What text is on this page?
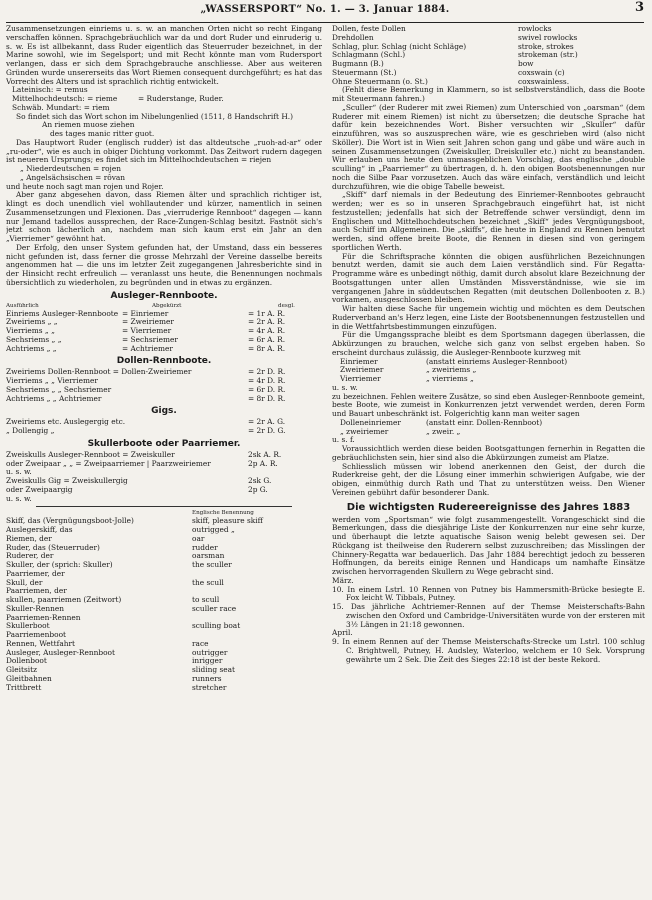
„WASSERSPORT“ No. 1. — 3. Januar 1884.	3

Zusammensetzungen einriems u. s. w. an manchen Orten nicht so recht Eingang verschaffen können. Sprachgebräuchlich war da und dort Ruder und einruderig u. s. w. Es ist allbekannt, dass Ruder eigentlich das Steuerruder bezeichnet, in der Marine sowohl, wie im Segelsport; und mit Recht könnte man vom Rudersport verlangen, dass er sich dem Sprachgebrauche anschliesse. Aber aus weiteren Gründen wurde unsererseits das Wort Riemen consequent durchgeführt; es hat das Vorrecht des Alters und ist sprachlich richtig entwickelt.

Lateinisch: = remus
Mittelhochdeutsch: = rieme	= Ruderstange, Ruder.
Schwäb. Mundart: = riem

So findet sich das Wort schon im Nibelungenlied (1511, 8 Handschrift H.)

An riemen muose ziehen

des tages manic ritter guot.

Das Hauptwort Ruder (englisch rudder) ist das altdeutsche „ruoh-ad-ar“ oder „ru-oder“, wie es auch in obiger Dichtung vorkommt. Das Zeitwort rudern dagegen ist neueren Ursprungs; es findet sich im Mittelhochdeutschen = riejen

„ Niederdeutschen = rojen

„ Angelsächsischen = rôvan

und heute noch sagt man rojen und Rojer.

Aber ganz abgesehen davon, dass Riemen älter und sprachlich richtiger ist, klingt es doch unendlich viel wohllautender und kürzer, namentlich in seinen Zusammensetzungen und Flexionen. Das „vierruderige Rennboot“ dagegen — kann nur Jemand tadellos aussprechen, der Race-Zungen-Schlag besitzt. Fastnöt sich's jetzt schon lächerlich an, nachdem man sich kaum erst ein Jahr an den „Vierriemer“ gewöhnt hat.

Der Erfolg, den unser System gefunden hat, der Umstand, dass ein besseres nicht gefunden ist, dass ferner die grosse Mehrzahl der Vereine dasselbe bereits angenommen hat — die uns im letzter Zeit zugegangenen Jahresberichte sind in der Hinsicht recht erfreulich — veranlasst uns heute, die Benennungen nochmals übersichtlich zu wiederholen, zu begründen und in etwas zu ergänzen.

Ausleger-Rennboote.
Ausführlich	Abgekürzt	desgl.
Einriems Ausleger-Rennboote = Einriemer	= 1r A. R.
Zweiriems „ „	= Zweiriemer	= 2r A. R.
Vierriems „ „	= Vierriemer	= 4r A. R.
Sechsriems „ „	= Sechsriemer	= 6r A. R.
Achtriems „ „	= Achtriemer	= 8r A. R.
Dollen-Rennboote.
Zweiriems Dollen-Rennboot = Dollen-Zweiriemer	= 2r D. R.
Vierriems „ „ Vierriemer	= 4r D. R.
Sechsriems „ „ Sechsriemer	= 6r D. R.
Achtriems „ „ Achtriemer	= 8r D. R.
Gigs.
Zweiriems etc. Auslegergig etc.	= 2r A. G.
„ Dollengig „	= 2r D. G.
Skullerboote oder Paarriemer.
Zweiskulls Ausleger-Rennboot = Zweiskuller	2sk A. R.
oder Zweipaar „ „ = Zweipaarriemer | Paarzweiriemer	2p A. R.
u. s. w.
Zweiskulls Gig = Zweiskullergig	2sk G.
oder Zweipaargig	2p G.
u. s. w.
Englische Benennung
Skiff, das (Vergnügungsboot-Jolle)	skiff, pleasure skiff
Auslegerskiff, das	outrigged „
Riemen, der	oar
Ruder, das (Steuerruder)	rudder
Ruderer, der	oarsman
Skuller, der (sprich: Skuller)	the sculler
Paarriemer, der
Skull, der	the scull
Paarriemen, der
skullen, paarriemen (Zeitwort)	to scull
Skuller-Rennen	sculler race
Paarriemen-Rennen
Skullerboot	sculling boat
Paarriemenboot
Rennen, Wettfahrt	race
Ausleger, Ausleger-Rennboot	outrigger
Dollenboot	inrigger
Gleitsitz	sliding seat
Gleitbahnen	runners
Trittbrett	stretcher
Dollen, feste Dollen	rowlocks
Drehdollen	swivel rowlocks
Schlag, plur. Schlag (nicht Schläge)	stroke, strokes
Schlagmann (Schl.)	strokeman (str.)
Bugmann (B.)	bow
Steuermann (St.)	coxswain (c)
Ohne Steuermann (o. St.)	coxswainless.

(Fehlt diese Bemerkung in Klammern, so ist selbstverständlich, dass die Boote mit Steuermann fahren.)

„Sculler“ (der Ruderer mit zwei Riemen) zum Unterschied von „oarsman“ (dem Ruderer mit einem Riemen) ist nicht zu übersetzen; die deutsche Sprache hat dafür kein bezeichnendes Wort. Bisher versuchten wir „Skuller“ dafür einzuführen, was so auszusprechen wäre, wie es geschrieben wird (also nicht Sköller). Die Wort ist in Wien seit Jahren schon gang und gäbe und wäre auch in seinen Zusammensetzungen (Zweiskuller, Dreiskuller etc.) nicht zu beanstanden. Wir erlauben uns heute den unmassgeblichen Vorschlag, das englische „double sculling“ in „Paarriemer“ zu übertragen, d. h. den obigen Bootsbenennungen nur noch die Silbe Paar vorzusetzen. Auch das wäre einfach, verständlich und leicht durchzuführen, wie die obige Tabelle beweist.

„Skiff“ darf niemals in der Bedeutung des Einriemer-Rennbootes gebraucht werden; wer es so in unseren Sprachgebrauch eingeführt hat, ist nicht festzustellen; jedenfalls hat sich der Betreffende schwer versündigt, denn im Englischen und Mittelhochdeutschen bezeichnet „Skiff“ jedes Vergnügungsboot, auch Schiff im Allgemeinen. Die „skiffs“, die heute in England zu Rennen benutzt werden, sind offene breite Boote, die Rennen in diesen sind von geringem sportlichen Werth.

Für die Schriftsprache könnten die obigen ausführlichen Bezeichnungen benutzt werden, damit sie auch dem Laien verständlich sind. Für Regatta-Programme wäre es unbedingt nöthig, damit durch absolut klare Bezeichnung der Bootsgattungen unter allen Umständen Missverständnisse, wie sie im vergangenen Jahre in süddeutschen Regatten (mit deutschen Dollenbooten z. B.) vorkamen, ausgeschlossen bleiben.

Wir halten diese Sache für ungemein wichtig und möchten es dem Deutschen Ruderverband an's Herz legen, eine Liste der Bootsbenennungen festzustellen und in die Wettfahrtsbestimmungen einzufügen.

Für die Umgangssprache bleibt es dem Sportsmann dagegen überlassen, die Abkürzungen zu brauchen, welche sich ganz von selbst ergeben haben. So erscheint durchaus zulässig, die Ausleger-Rennboote kurzweg mit

Einriemer	(anstatt einriems Ausleger-Rennboot)
Zweiriemer	„ zweiriems „
Vierriemer	„ vierriems „

u. s. w.

zu bezeichnen. Fehlen weitere Zusätze, so sind eben Ausleger-Rennboote gemeint, beste Boote, wie zumeist in Konkurrenzen jetzt verwendet werden, deren Form und Bauart unbeschränkt ist. Folgerichtig kann man weiter sagen

Dolleneinriemer	(anstatt einr. Dollen-Rennboot)
„ zweiriemer	„ zweir. „

u. s. f.

Voraussichtlich werden diese beiden Bootsgattungen fernerhin in Regatten die gebräuchlichsten sein, hier sind also die Abkürzungen zumeist am Platze.

Schliesslich müssen wir lobend anerkennen den Geist, der durch die Ruderkreise geht, der die Lösung einer immerhin schwierigen Aufgabe, wie der obigen, einmüthig durch Rath und That zu unterstützen weiss. Den Wiener Vereinen gebührt dafür besonderer Dank.

Die wichtigsten Rudereereignisse des Jahres 1883

werden vom „Sportsman“ wie folgt zusammengestellt. Vorangeschickt sind die Bemerkungen, dass die diesjährige Liste der Konkurrenzen nur eine sehr kurze, und überhaupt die letzte aquatische Saison wenig belebt gewesen sei. Der Rückgang ist theilweise den Ruderern selbst zuzuschreiben; das Misslingen der Chinnery-Regatta war bedauerlich. Das Jahr 1884 berechtigt jedoch zu besseren Hoffnungen, da bereits einige Rennen und Handicaps um namhafte Einsätze zwischen hervorragenden Skullern zu Wege gebracht sind.

März.

10. In einem Lstrl. 10 Rennen von Putney bis Hammersmith-Brücke besiegte E. Fox leicht W. Tibbals, Putney.

15. Das jährliche Achtriemer-Rennen auf der Themse Meisterschafts-Bahn zwischen den Oxford und Cambridge-Universitäten wurde von der ersteren mit 3½ Längen in 21:18 gewonnen.

April.

9. In einem Rennen auf der Themse Meisterschafts-Strecke um Lstrl. 100 schlug C. Brightwell, Putney, H. Audsley, Waterloo, welchem er 10 Sek. Vorsprung gewährte um 2 Sek. Die Zeit des Sieges 22:18 ist der beste Rekord.
